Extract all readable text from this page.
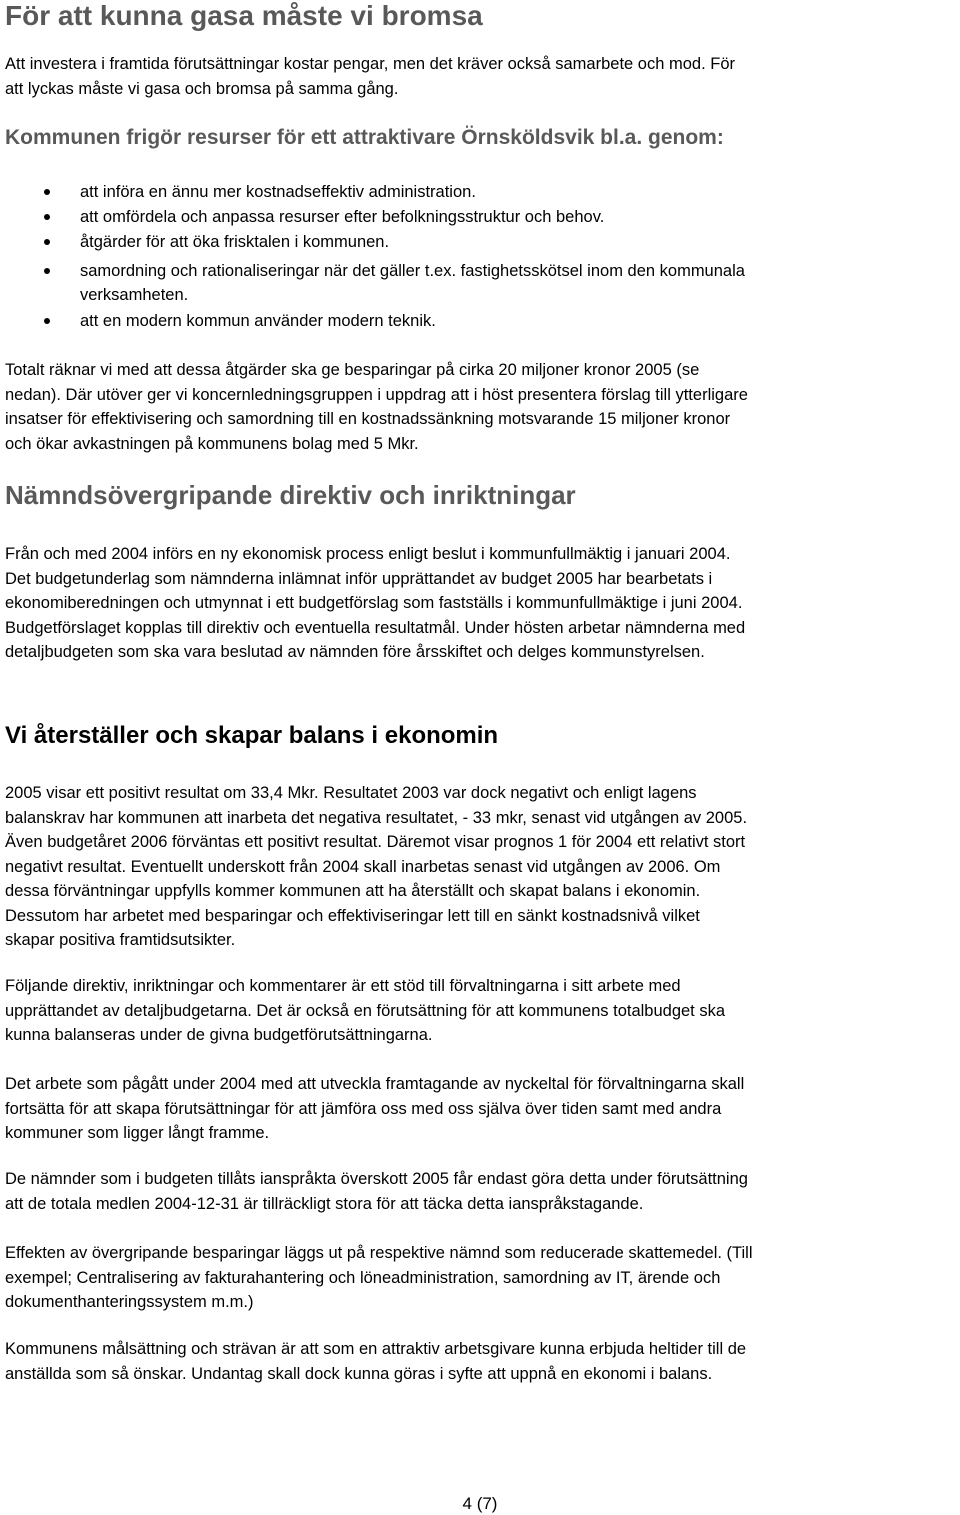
För att kunna gasa måste vi bromsa
Att investera i framtida förutsättningar kostar pengar, men det kräver också samarbete och mod. För
att lyckas måste vi gasa och bromsa på samma gång.
Kommunen frigör resurser för ett attraktivare Örnsköldsvik bl.a. genom:
att införa en ännu mer kostnadseffektiv administration.
att omfördela och anpassa resurser efter befolkningsstruktur och behov.
åtgärder för att öka frisktalen i kommunen.
samordning och rationaliseringar när det gäller t.ex. fastighetsskötsel inom den kommunala
verksamheten.
att en modern kommun använder modern teknik.
Totalt räknar vi med att dessa åtgärder ska ge besparingar på cirka 20 miljoner kronor 2005 (se
nedan). Där utöver ger vi koncernledningsgruppen i uppdrag att i höst presentera förslag till ytterligare
insatser för effektivisering och samordning till en kostnadssänkning motsvarande 15 miljoner kronor
och ökar avkastningen på kommunens bolag med 5 Mkr.
Nämndsövergripande direktiv och inriktningar
Från och med 2004 införs en ny ekonomisk process enligt beslut i kommunfullmäktig i januari 2004.
Det budgetunderlag som nämnderna inlämnat inför upprättandet av budget 2005 har bearbetats i
ekonomiberedningen och utmynnat i ett budgetförslag som fastställs i kommunfullmäktige i juni 2004.
Budgetförslaget kopplas till direktiv och eventuella resultatmål. Under hösten arbetar nämnderna med
detaljbudgeten som ska vara beslutad av nämnden före årsskiftet och delges kommunstyrelsen.
Vi återställer och skapar balans i ekonomin
2005 visar ett positivt resultat om 33,4 Mkr. Resultatet 2003 var dock negativt och enligt lagens
balanskrav har kommunen att inarbeta det negativa resultatet, - 33 mkr, senast vid utgången av 2005.
Även budgetåret 2006 förväntas ett positivt resultat. Däremot visar prognos 1 för 2004 ett relativt stort
negativt resultat. Eventuellt underskott från 2004 skall inarbetas senast vid utgången av 2006. Om
dessa förväntningar uppfylls kommer kommunen att ha återställt och skapat balans i ekonomin.
Dessutom har arbetet med besparingar och effektiviseringar lett till en sänkt kostnadsnivå vilket
skapar positiva framtidsutsikter.
Följande direktiv, inriktningar och kommentarer är ett stöd till förvaltningarna i sitt arbete med
upprättandet av detaljbudgetarna. Det är också en förutsättning för att kommunens totalbudget ska
kunna balanseras under de givna budgetförutsättningarna.
Det arbete som pågått under 2004 med att utveckla framtagande av nyckeltal för förvaltningarna skall
fortsätta för att skapa förutsättningar för att jämföra oss med oss själva över tiden samt med andra
kommuner som ligger långt framme.
De nämnder som i budgeten tillåts ianspråkta överskott 2005 får endast göra detta under förutsättning
att de totala medlen 2004-12-31 är tillräckligt stora för att täcka detta ianspråkstagande.
Effekten av övergripande besparingar läggs ut på respektive nämnd som reducerade skattemedel. (Till
exempel; Centralisering av fakturahantering och löneadministration, samordning av IT, ärende och
dokumenthanteringssystem m.m.)
Kommunens målsättning och strävan är att som en attraktiv arbetsgivare kunna erbjuda heltider till de
anställda som så önskar. Undantag skall dock kunna göras i syfte att uppnå en ekonomi i balans.
4 (7)
